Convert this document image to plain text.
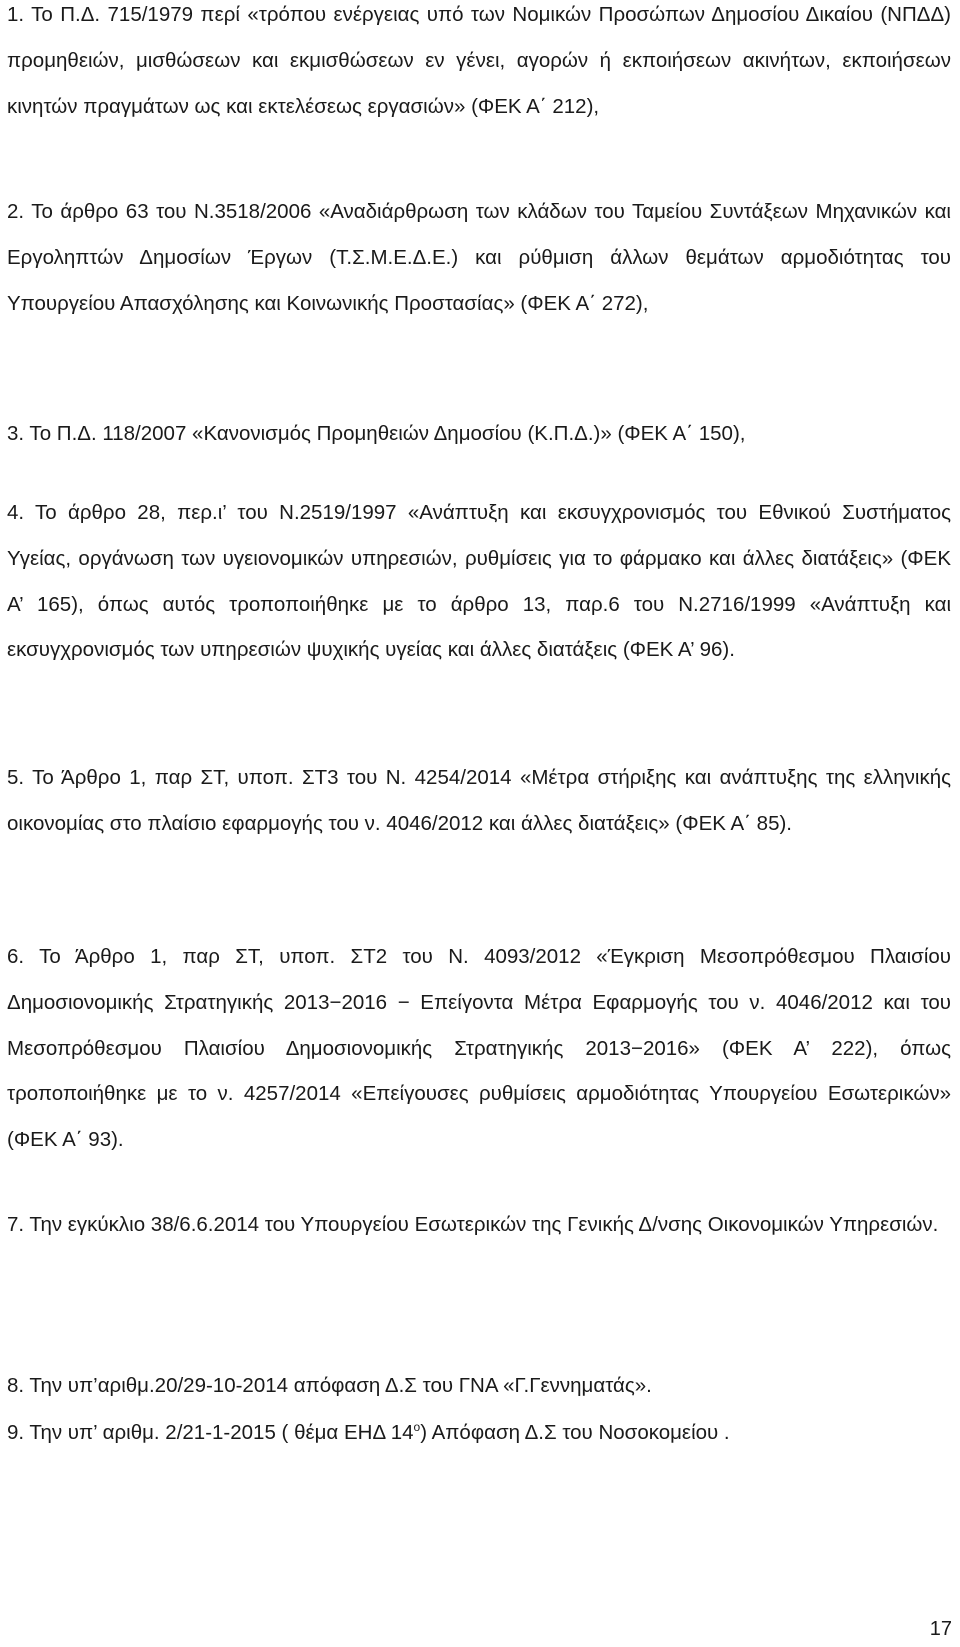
1. Το Π.Δ. 715/1979 περί «τρόπου ενέργειας υπό των Νομικών Προσώπων Δημοσίου Δικαίου (ΝΠΔΔ) προμηθειών, μισθώσεων και εκμισθώσεων εν γένει, αγορών ή εκποιήσεων ακινήτων, εκποιήσεων κινητών πραγμάτων ως και εκτελέσεως εργασιών» (ΦΕΚ Α΄ 212),

2. Το άρθρο 63 του Ν.3518/2006 «Αναδιάρθρωση των κλάδων του Ταμείου Συντάξεων Μηχανικών και Εργοληπτών Δημοσίων Έργων (Τ.Σ.Μ.Ε.Δ.Ε.) και ρύθμιση άλλων θεμάτων αρμοδιότητας του Υπουργείου Απασχόλησης και Κοινωνικής Προστασίας» (ΦΕΚ Α΄ 272),

3. Το Π.Δ. 118/2007 «Κανονισμός Προμηθειών Δημοσίου (Κ.Π.Δ.)» (ΦΕΚ Α΄ 150),

4. Το άρθρο 28, περ.ι’ του Ν.2519/1997 «Ανάπτυξη και εκσυγχρονισμός του Εθνικού Συστήματος Υγείας, οργάνωση των υγειονομικών υπηρεσιών, ρυθμίσεις για το φάρμακο και άλλες διατάξεις» (ΦΕΚ Α’ 165), όπως αυτός τροποποιήθηκε με το άρθρο 13, παρ.6 του Ν.2716/1999 «Ανάπτυξη και εκσυγχρονισμός των υπηρεσιών ψυχικής υγείας και άλλες διατάξεις (ΦΕΚ Α’ 96).

5. Το Άρθρο 1, παρ ΣΤ, υποπ. ΣΤ3 του Ν. 4254/2014 «Μέτρα στήριξης και ανάπτυξης της ελληνικής οικονομίας στο πλαίσιο εφαρμογής του ν. 4046/2012 και άλλες διατάξεις» (ΦΕΚ Α΄ 85).

6. Το Άρθρο 1, παρ ΣΤ, υποπ. ΣΤ2 του Ν. 4093/2012 «Έγκριση Μεσοπρόθεσμου Πλαισίου Δημοσιονομικής Στρατηγικής 2013−2016 − Επείγοντα Μέτρα Εφαρμογής του ν. 4046/2012 και του Μεσοπρόθεσμου Πλαισίου Δημοσιονομικής Στρατηγικής 2013−2016» (ΦΕΚ Α’ 222), όπως τροποποιήθηκε με το ν. 4257/2014 «Επείγουσες ρυθμίσεις αρμοδιότητας Υπουργείου Εσωτερικών» (ΦΕΚ Α΄ 93).

7. Την εγκύκλιο 38/6.6.2014 του Υπουργείου Εσωτερικών της Γενικής Δ/νσης Οικονομικών Υπηρεσιών.

8. Την υπ’αριθμ.20/29-10-2014 απόφαση Δ.Σ του ΓΝΑ «Γ.Γεννηματάς».

9. Την υπ’ αριθμ. 2/21-1-2015 ( θέμα ΕΗΔ $14^o$) Απόφαση Δ.Σ του Νοσοκομείου .

17
